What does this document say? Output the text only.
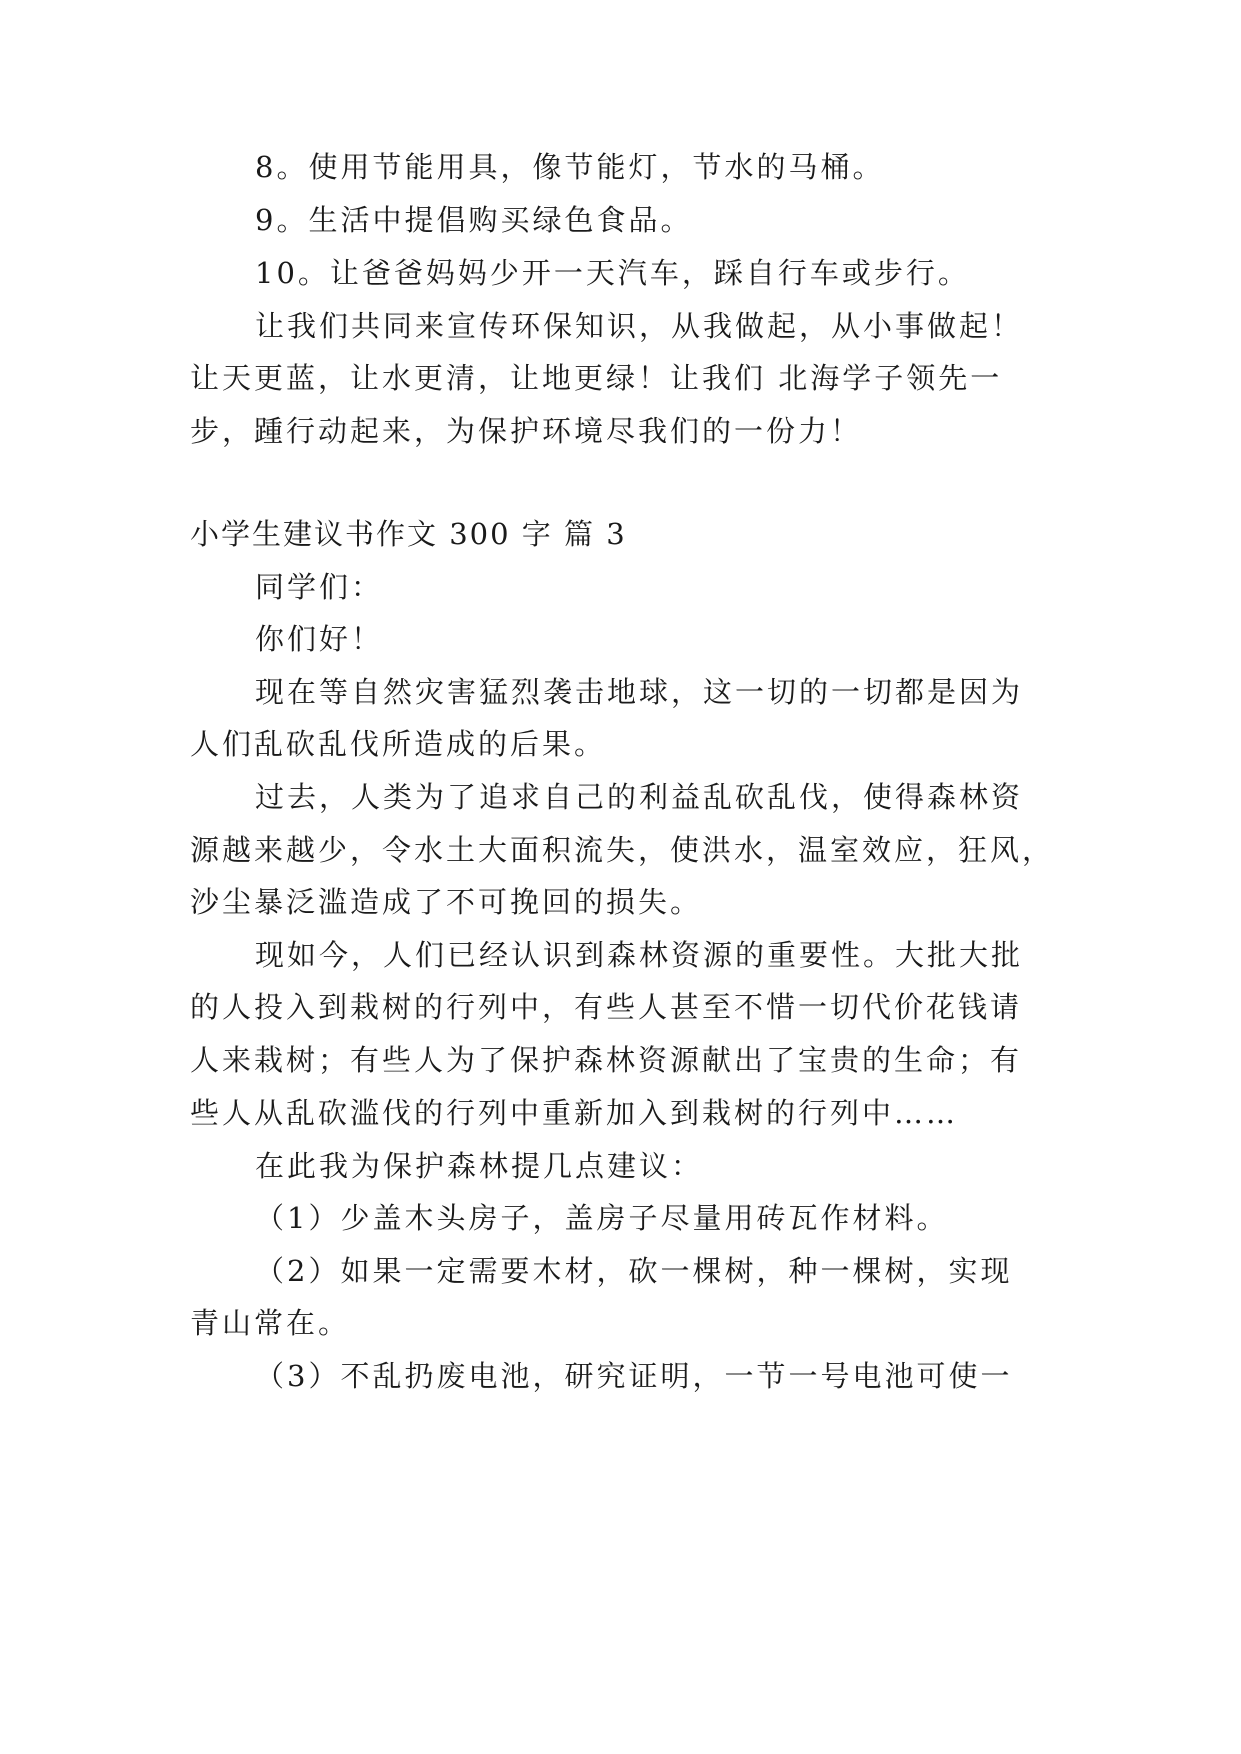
8。使用节能用具，像节能灯，节水的马桶。
9。生活中提倡购买绿色食品。
10。让爸爸妈妈少开一天汽车，踩自行车或步行。
让我们共同来宣传环保知识，从我做起，从小事做起！
让天更蓝，让水更清，让地更绿！让我们 北海学子领先一
步，踵行动起来，为保护环境尽我们的一份力！
小学生建议书作文 300 字 篇 3
同学们：
你们好！
现在等自然灾害猛烈袭击地球，这一切的一切都是因为
人们乱砍乱伐所造成的后果。
过去，人类为了追求自己的利益乱砍乱伐，使得森林资
源越来越少，令水土大面积流失，使洪水，温室效应，狂风，
沙尘暴泛滥造成了不可挽回的损失。
现如今，人们已经认识到森林资源的重要性。大批大批
的人投入到栽树的行列中，有些人甚至不惜一切代价花钱请
人来栽树；有些人为了保护森林资源献出了宝贵的生命；有
些人从乱砍滥伐的行列中重新加入到栽树的行列中……
在此我为保护森林提几点建议：
（1）少盖木头房子，盖房子尽量用砖瓦作材料。
（2）如果一定需要木材，砍一棵树，种一棵树，实现
青山常在。
（3）不乱扔废电池，研究证明，一节一号电池可使一
